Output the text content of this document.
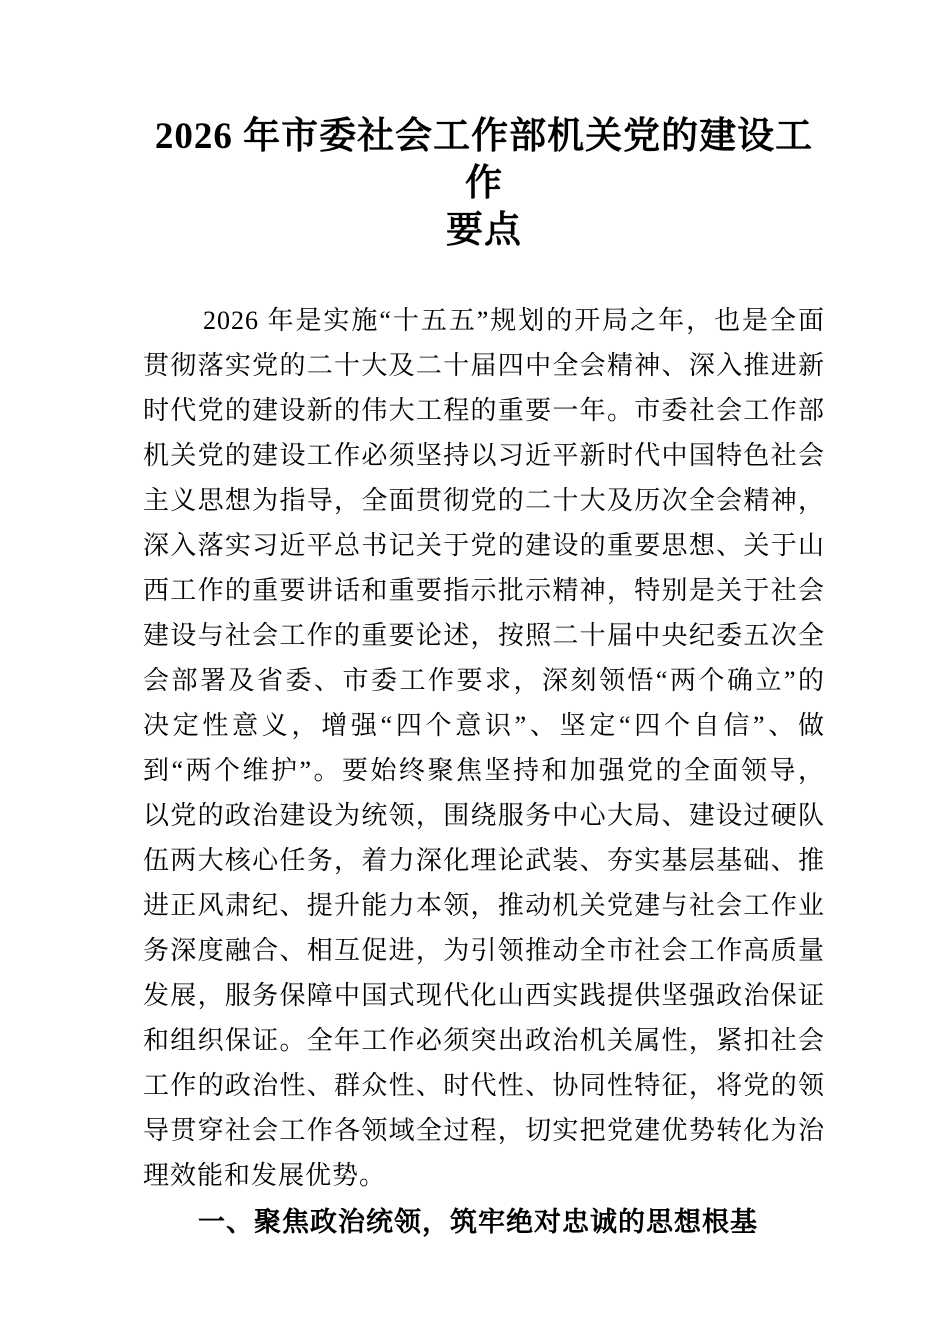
2026 年市委社会工作部机关党的建设工作
要点
2026 年是实施“十五五”规划的开局之年，也是全面
贯彻落实党的二十大及二十届四中全会精神、深入推进新
时代党的建设新的伟大工程的重要一年。市委社会工作部
机关党的建设工作必须坚持以习近平新时代中国特色社会
主义思想为指导，全面贯彻党的二十大及历次全会精神，
深入落实习近平总书记关于党的建设的重要思想、关于山
西工作的重要讲话和重要指示批示精神，特别是关于社会
建设与社会工作的重要论述，按照二十届中央纪委五次全
会部署及省委、市委工作要求，深刻领悟“两个确立”的
决定性意义，增强“四个意识”、坚定“四个自信”、做
到“两个维护”。要始终聚焦坚持和加强党的全面领导，
以党的政治建设为统领，围绕服务中心大局、建设过硬队
伍两大核心任务，着力深化理论武装、夯实基层基础、推
进正风肃纪、提升能力本领，推动机关党建与社会工作业
务深度融合、相互促进，为引领推动全市社会工作高质量
发展，服务保障中国式现代化山西实践提供坚强政治保证
和组织保证。全年工作必须突出政治机关属性，紧扣社会
工作的政治性、群众性、时代性、协同性特征，将党的领
导贯穿社会工作各领域全过程，切实把党建优势转化为治
理效能和发展优势。
一、聚焦政治统领，筑牢绝对忠诚的思想根基
